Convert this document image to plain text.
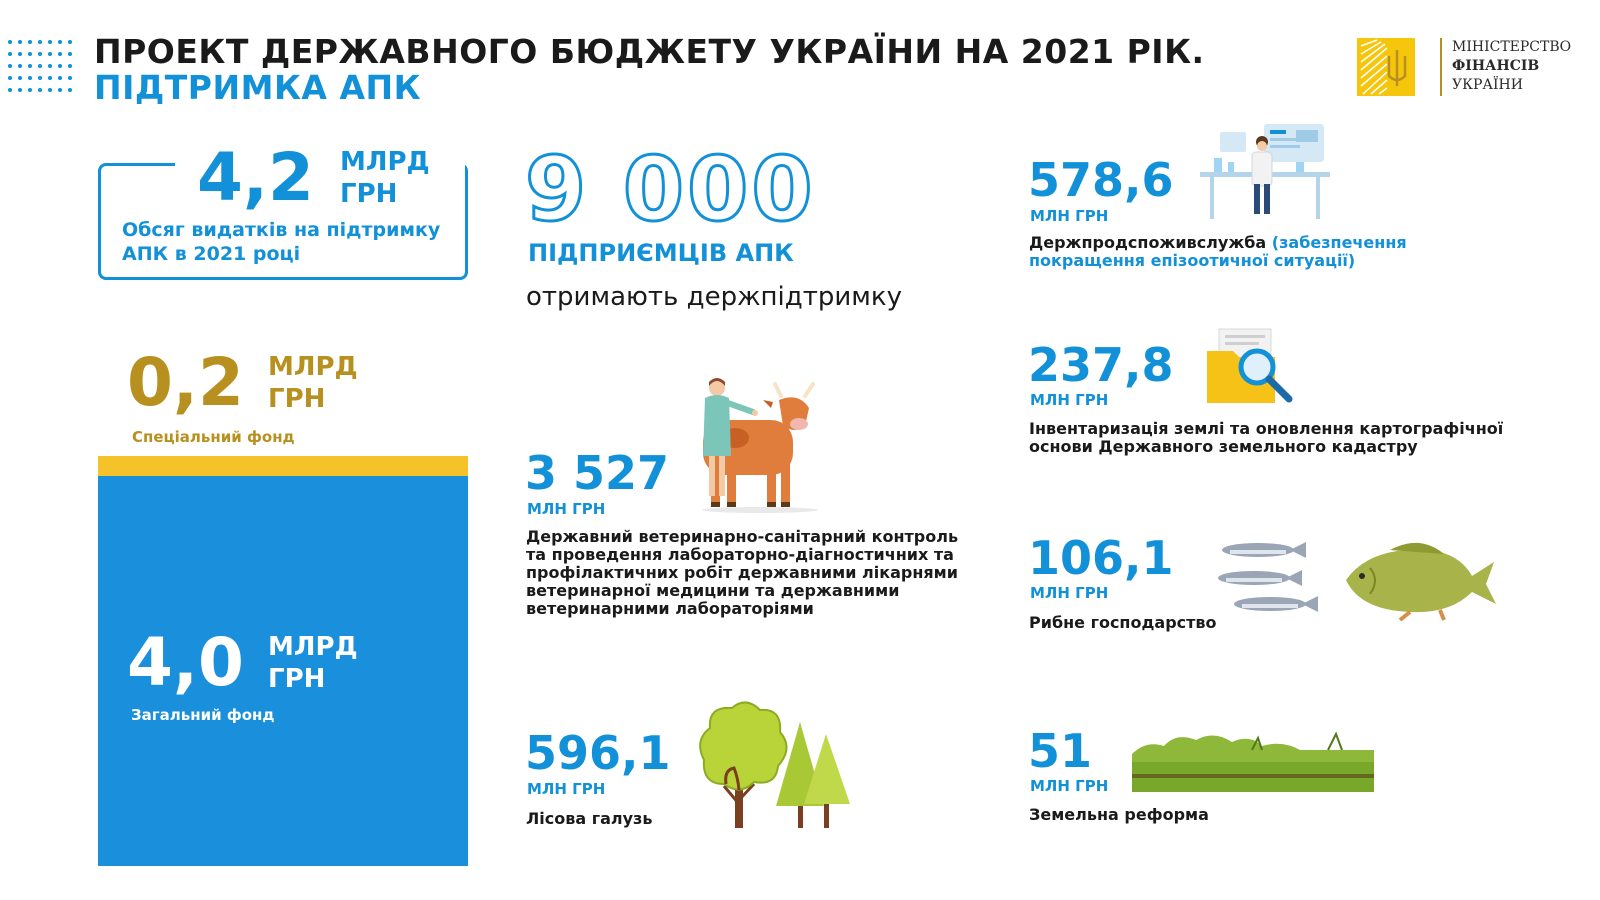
ПРОЕКТ ДЕРЖАВНОГО БЮДЖЕТУ УКРАЇНИ НА 2021 РІК.
ПІДТРИМКА АПК
МІНІСТЕРСТВО
ФІНАНСІВ
УКРАЇНИ
4,2 МЛРД
ГРН
Обсяг видатків на підтримку
АПК в 2021 році
0,2 МЛРД
ГРН
Спеціальний фонд
4,0 МЛРД
ГРН
Загальний фонд
9 000
ПІДПРИЄМЦІВ АПК
отримають держпідтримку
3 527
МЛН ГРН
Державний ветеринарно-санітарний контроль
та проведення лабораторно-діагностичних та
профілактичних робіт державними лікарнями
ветеринарної медицини та державними
ветеринарними лабораторіями
596,1
МЛН ГРН
Лісова галузь
578,6
МЛН ГРН
Держпродспоживслужба (забезпечення
покращення епізоотичної ситуації)
237,8
МЛН ГРН
Інвентаризація землі та оновлення картографічної
основи Державного земельного кадастру
106,1
МЛН ГРН
Рибне господарство
51
МЛН ГРН
Земельна реформа
